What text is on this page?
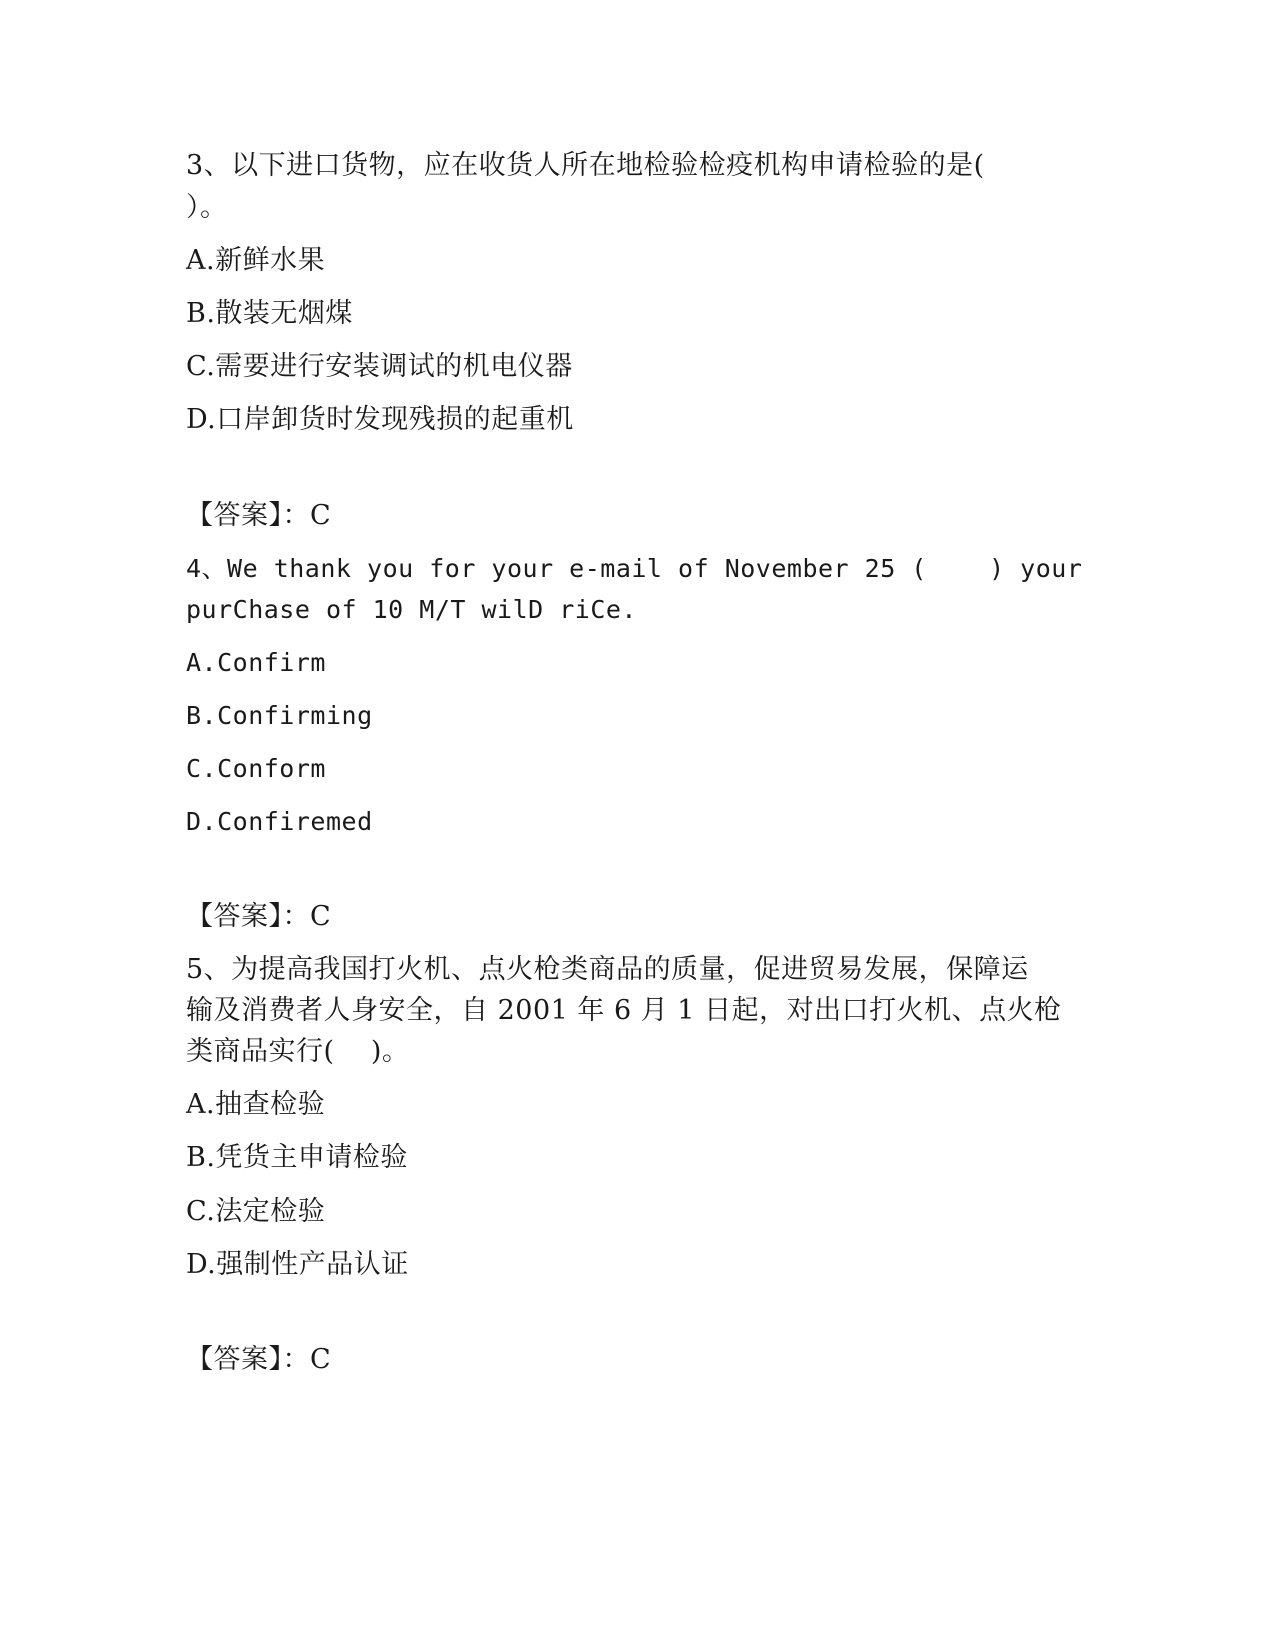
3、以下进口货物，应在收货人所在地检验检疫机构申请检验的是(
）。
A.新鲜水果
B.散装无烟煤
C.需要进行安装调试的机电仪器
D.口岸卸货时发现残损的起重机
【答案】：C
4、We thank you for your e-mail of November 25 (    ) your
purChase of 10 M/T wilD riCe.
A.Confirm
B.Confirming
C.Conform
D.Confiremed
【答案】：C
5、为提高我国打火机、点火枪类商品的质量，促进贸易发展，保障运
输及消费者人身安全，自 2001 年 6 月 1 日起，对出口打火机、点火枪
类商品实行(    )。
A.抽查检验
B.凭货主申请检验
C.法定检验
D.强制性产品认证
【答案】：C
